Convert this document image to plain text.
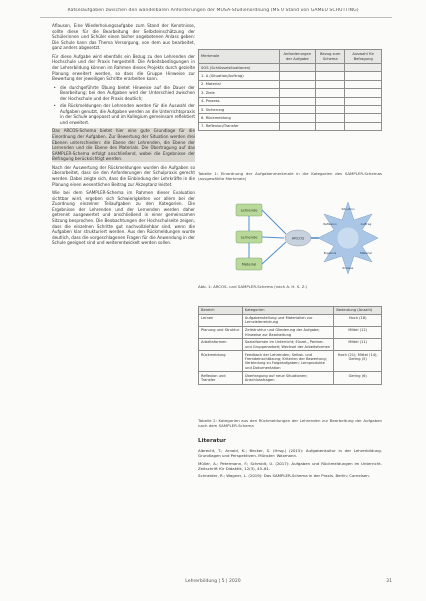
Rätselaufgaben zwischen den wandelbaren Anforderungen der MUSA-Studienordnung (MS 0 Stand von GAMEU SCHUTTING)

Aflauson, Eine Wiederholungsaufgabe zum Stand der Kenntnisse, sollte diese für die Bearbeitung der Selbsteinschätzung der Schülerinnen und Schüler einen bisher angebotenen Anlass geben: Die Schule kann das Thema Versorgung, von dem aus bearbeitet, ganz anders abgesetzt.

Für diese Aufgabe wird ebenfalls ein Bezug zu den Lehrenden der Hochschule und der Praxis hergestellt. Die Arbeitsbedingungen in der Lehrerbildung können im Rahmen dieses Projekts durch gezielte Planung erweitert werden, so dass die Gruppe Hinweise zur Bewertung der jeweiligen Schritte erarbeiten kann.

• die durchgeführte Übung bietet Hinweise auf die Dauer der Bearbeitung; bei den Aufgaben wird der Unterschied zwischen der Hochschule und der Praxis deutlich;
• die Rückmeldungen der Lehrenden werden für die Auswahl der Aufgaben genutzt, die Aufgaben werden an die Unterrichtspraxis in der Schule angepasst und im Kollegium gemeinsam reflektiert und erweitert.

Das ARCOS-Schema bietet hier eine gute Grundlage für die Einordnung der Aufgaben. Zur Bewertung der Situation werden drei Ebenen unterschieden: die Ebene der Lehrenden, die Ebene der Lernenden und die Ebene des Materials. Die Übertragung auf das SAMPLER-Schema erfolgt anschließend, wobei die Ergebnisse der Befragung berücksichtigt werden.

Nach der Auswertung der Rückmeldungen wurden die Aufgaben so überarbeitet, dass sie den Anforderungen der Schulpraxis gerecht werden. Dabei zeigte sich, dass die Einbindung der Lehrkräfte in die Planung einen wesentlichen Beitrag zur Akzeptanz leistet.

Wie bei dem SAMPLER-Schema im Rahmen dieser Evaluation sichtbar wird, ergeben sich Schwierigkeiten vor allem bei der Zuordnung einzelner Teilaufgaben zu den Kategorien. Die Ergebnisse der Lehrenden und der Lernenden werden daher getrennt ausgewertet und anschließend in einer gemeinsamen Sitzung besprochen. Die Beobachtungen der Hochschulseite zeigen, dass die einzelnen Schritte gut nachvollziehbar sind, wenn die Aufgaben klar strukturiert werden. Aus den Rückmeldungen wurde deutlich, dass die vorgeschlagenen Fragen für die Anwendung in der Schule geeignet sind und weiterentwickelt werden sollen.

Merkmale	Anforderungen der Aufgabe	Bezug zum Schema	Auswahl für Befragung
SOS (Schlüsselsituationen)			
1. A (Situation/Auftrag)			
2. Material			
3. Ziele			
4. Prozess			
5. Sicherung			
6. Rückmeldung			
7. Reflexion/Transfer			
Tabelle 1: Einordnung der Aufgabenmerkmale in die Kategorien des SAMPLER-Schemas (ausgewählte Merkmale)
Lehrende
Lernende
Material
ARCOS
Situation
Auftrag
Material
Prozess
Ergebnis
Reflexion
Abb. 1: ARCOS- und SAMPLER-Schema (nach A. H. S. Z.)
Bereich	Kategorien	Bedeutung (Anzahl)
Lernen	Aufgabenstellung und Materialien zur Lernzielerreichung	Hoch (18)
Planung und Struktur	Zeitstruktur und Gliederung der Aufgabe; Hinweise zur Bearbeitung	Mittel (12)
Arbeitsformen	Sozialformen im Unterricht; Einzel-, Partner- und Gruppenarbeit; Wechsel der Arbeitsformen	Mittel (11)
Rückmeldung	Feedback der Lehrenden; Selbst- und Fremdeinschätzung; Kriterien der Bewertung; Verbindung zu Folgeaufgaben; Lernprodukte und Dokumentation	Hoch (21); Mittel (14); Gering (5)
Reflexion und Transfer	Übertragung auf neue Situationen; Anschlussfragen	Gering (6)
Tabelle 2: Kategorien aus den Rückmeldungen der Lehrenden zur Bearbeitung der Aufgaben nach dem SAMPLER-Schema
Literatur

Albrecht, T.; Arnold, K.; Becker, S. (Hrsg.) (2015): Aufgabenkultur in der Lehrerbildung. Grundlagen und Perspektiven. Münster: Waxmann.

Müller, A.; Petermann, F.; Schmidt, U. (2017): Aufgaben und Rückmeldungen im Unterricht. Zeitschrift für Didaktik, 12(3), 45–61.

Schneider, R.; Wagner, L. (2019): Das SAMPLER-Schema in der Praxis. Berlin: Cornelsen.

Lehrerbildung | 5 | 2020	31
